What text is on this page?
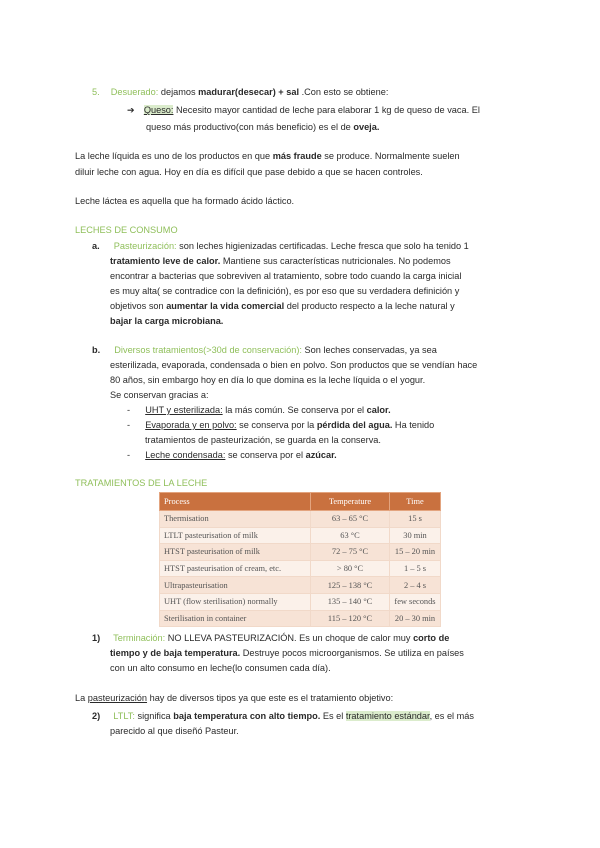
5. Desuerado: dejamos madurar(desecar) + sal .Con esto se obtiene:
➔ Queso: Necesito mayor cantidad de leche para elaborar 1 kg de queso de vaca. El
queso más productivo(con más beneficio) es el de oveja.
La leche líquida es uno de los productos en que más fraude se produce. Normalmente suelen
diluir leche con agua. Hoy en día es difícil que pase debido a que se hacen controles.
Leche láctea es aquella que ha formado ácido láctico.
LECHES DE CONSUMO
a. Pasteurización: son leches higienizadas certificadas. Leche fresca que solo ha tenido 1
tratamiento leve de calor. Mantiene sus características nutricionales. No podemos
encontrar a bacterias que sobreviven al tratamiento, sobre todo cuando la carga inicial
es muy alta( se contradice con la definición), es por eso que su verdadera definición y
objetivos son aumentar la vida comercial del producto respecto a la leche natural y
bajar la carga microbiana.
b. Diversos tratamientos(>30d de conservación): Son leches conservadas, ya sea
esterilizada, evaporada, condensada o bien en polvo. Son productos que se vendían hace
80 años, sin embargo hoy en día lo que domina es la leche líquida o el yogur.
Se conservan gracias a:
- UHT y esterilizada: la más común. Se conserva por el calor.
- Evaporada y en polvo: se conserva por la pérdida del agua. Ha tenido
tratamientos de pasteurización, se guarda en la conserva.
- Leche condensada: se conserva por el azúcar.
TRATAMIENTOS DE LA LECHE
Process	Temperature	Time
Thermisation	63 – 65 °C	15 s
LTLT pasteurisation of milk	63 °C	30 min
HTST pasteurisation of milk	72 – 75 °C	15 – 20 min
HTST pasteurisation of cream, etc.	> 80 °C	1 – 5 s
Ultrapasteurisation	125 – 138 °C	2 – 4 s
UHT (flow sterilisation) normally	135 – 140 °C	few seconds
Sterilisation in container	115 – 120 °C	20 – 30 min
1) Terminación: NO LLEVA PASTEURIZACIÓN. Es un choque de calor muy corto de
tiempo y de baja temperatura. Destruye pocos microorganismos. Se utiliza en países
con un alto consumo en leche(lo consumen cada día).
La pasteurización hay de diversos tipos ya que este es el tratamiento objetivo:
2) LTLT: significa baja temperatura con alto tiempo. Es el tratamiento estándar, es el más
parecido al que diseñó Pasteur.
